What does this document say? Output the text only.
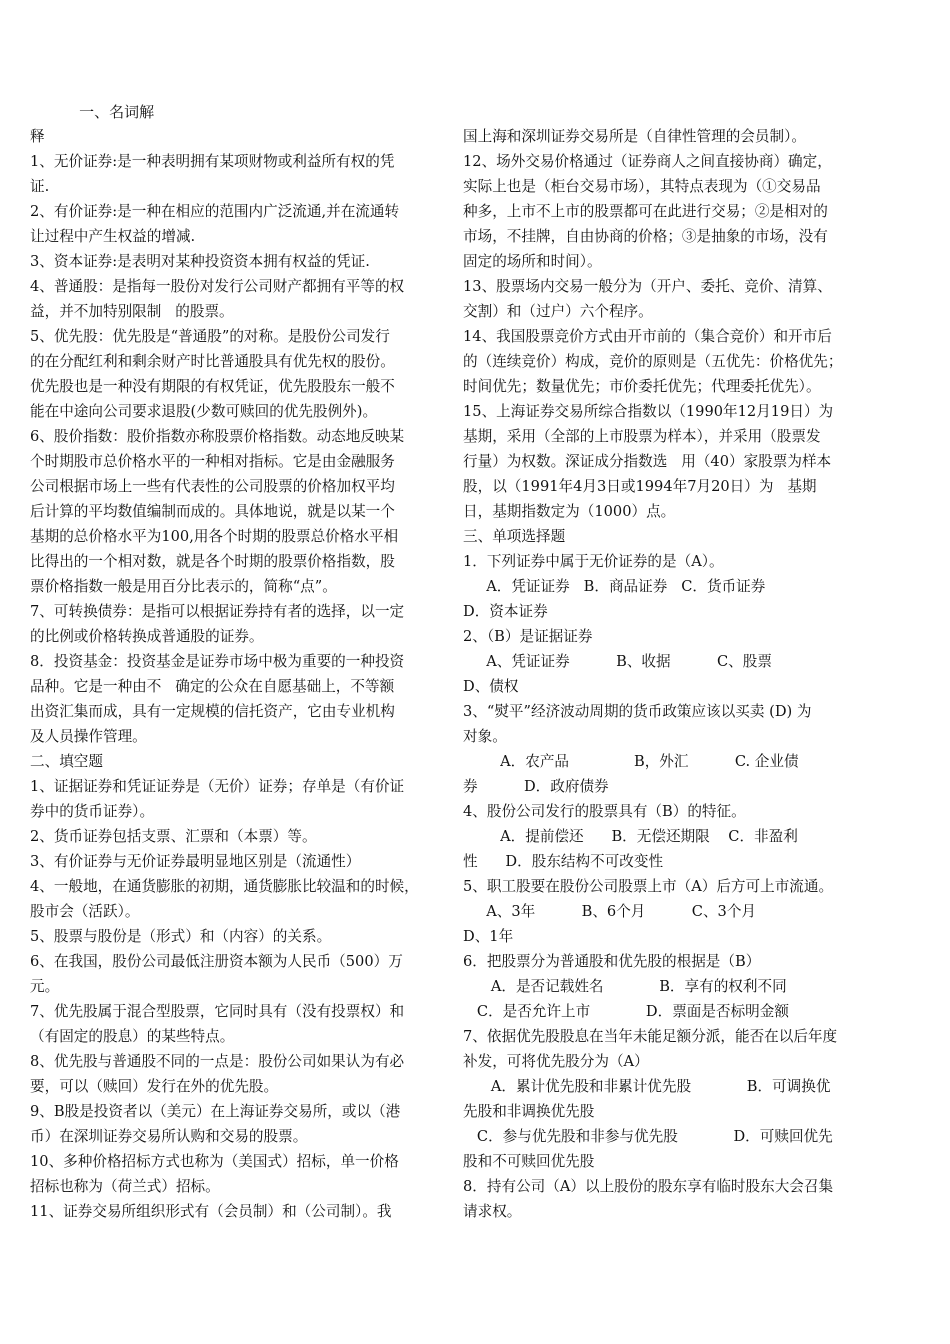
一、名词解
释
1、无价证券:是一种表明拥有某项财物或利益所有权的凭
证.
2、有价证券:是一种在相应的范围内广泛流通,并在流通转
让过程中产生权益的增减.
3、资本证券:是表明对某种投资资本拥有权益的凭证.
4、普通股：是指每一股份对发行公司财产都拥有平等的权
益，并不加特别限制   的股票。
5、优先股：优先股是“普通股”的对称。是股份公司发行
的在分配红利和剩余财产时比普通股具有优先权的股份。
优先股也是一种没有期限的有权凭证，优先股股东一般不
能在中途向公司要求退股(少数可赎回的优先股例外)。
6、股价指数：股价指数亦称股票价格指数。动态地反映某
个时期股市总价格水平的一种相对指标。它是由金融服务
公司根据市场上一些有代表性的公司股票的价格加权平均
后计算的平均数值编制而成的。具体地说，就是以某一个
基期的总价格水平为100,用各个时期的股票总价格水平相
比得出的一个相对数，就是各个时期的股票价格指数，股
票价格指数一般是用百分比表示的，简称“点”。
7、可转换债券：是指可以根据证券持有者的选择，以一定
的比例或价格转换成普通股的证券。
8．投资基金：投资基金是证券市场中极为重要的一种投资
品种。它是一种由不   确定的公众在自愿基础上，不等额
出资汇集而成，具有一定规模的信托资产，它由专业机构
及人员操作管理。
二、填空题
1、证据证券和凭证证券是（无价）证券；存单是（有价证
券中的货币证券）。
2、货币证券包括支票、汇票和（本票）等。
3、有价证券与无价证券最明显地区别是（流通性）
4、一般地，在通货膨胀的初期，通货膨胀比较温和的时候，
股市会（活跃）。
5、股票与股份是（形式）和（内容）的关系。
6、在我国，股份公司最低注册资本额为人民币（500）万
元。
7、优先股属于混合型股票，它同时具有（没有投票权）和
（有固定的股息）的某些特点。
8、优先股与普通股不同的一点是：股份公司如果认为有必
要，可以（赎回）发行在外的优先股。
9、B股是投资者以（美元）在上海证券交易所，或以（港
币）在深圳证券交易所认购和交易的股票。
10、多种价格招标方式也称为（美国式）招标，单一价格
招标也称为（荷兰式）招标。
11、证券交易所组织形式有（会员制）和（公司制）。我
国上海和深圳证券交易所是（自律性管理的会员制）。
12、场外交易价格通过（证券商人之间直接协商）确定，
实际上也是（柜台交易市场），其特点表现为（①交易品
种多，上市不上市的股票都可在此进行交易；②是相对的
市场，不挂牌，自由协商的价格；③是抽象的市场，没有
固定的场所和时间）。
13、股票场内交易一般分为（开户、委托、竞价、清算、
交割）和（过户）六个程序。
14、我国股票竞价方式由开市前的（集合竞价）和开市后
的（连续竞价）构成，竞价的原则是（五优先：价格优先；
时间优先；数量优先；市价委托优先；代理委托优先）。
15、上海证券交易所综合指数以（1990年12月19日）为
基期，采用（全部的上市股票为样本），并采用（股票发
行量）为权数。深证成分指数选   用（40）家股票为样本
股，以（1991年4月3日或1994年7月20日）为   基期
日，基期指数定为（1000）点。
三、单项选择题
1．下列证券中属于无价证券的是（A）。
A．凭证证券   B．商品证券   C．货币证券
D．资本证券
2、（B）是证据证券
A、凭证证券          B、收据          C、股票
D、债权
3、“熨平”经济波动周期的货币政策应该以买卖 (D) 为
对象。
A．农产品              B，外汇          C. 企业债
券          D．政府债券
4、股份公司发行的股票具有（B）的特征。
A．提前偿还      B．无偿还期限    C．非盈利
性      D．股东结构不可改变性
5、职工股要在股份公司股票上市（A）后方可上市流通。
A、3年          B、6个月          C、3个月
D、1年
6．把股票分为普通股和优先股的根据是（B）
A．是否记载姓名            B．享有的权利不同
C．是否允许上市            D．票面是否标明金额
7、依据优先股股息在当年未能足额分派，能否在以后年度
补发，可将优先股分为（A）
A．累计优先股和非累计优先股            B．可调换优
先股和非调换优先股
C．参与优先股和非参与优先股            D．可赎回优先
股和不可赎回优先股
8．持有公司（A）以上股份的股东享有临时股东大会召集
请求权。
